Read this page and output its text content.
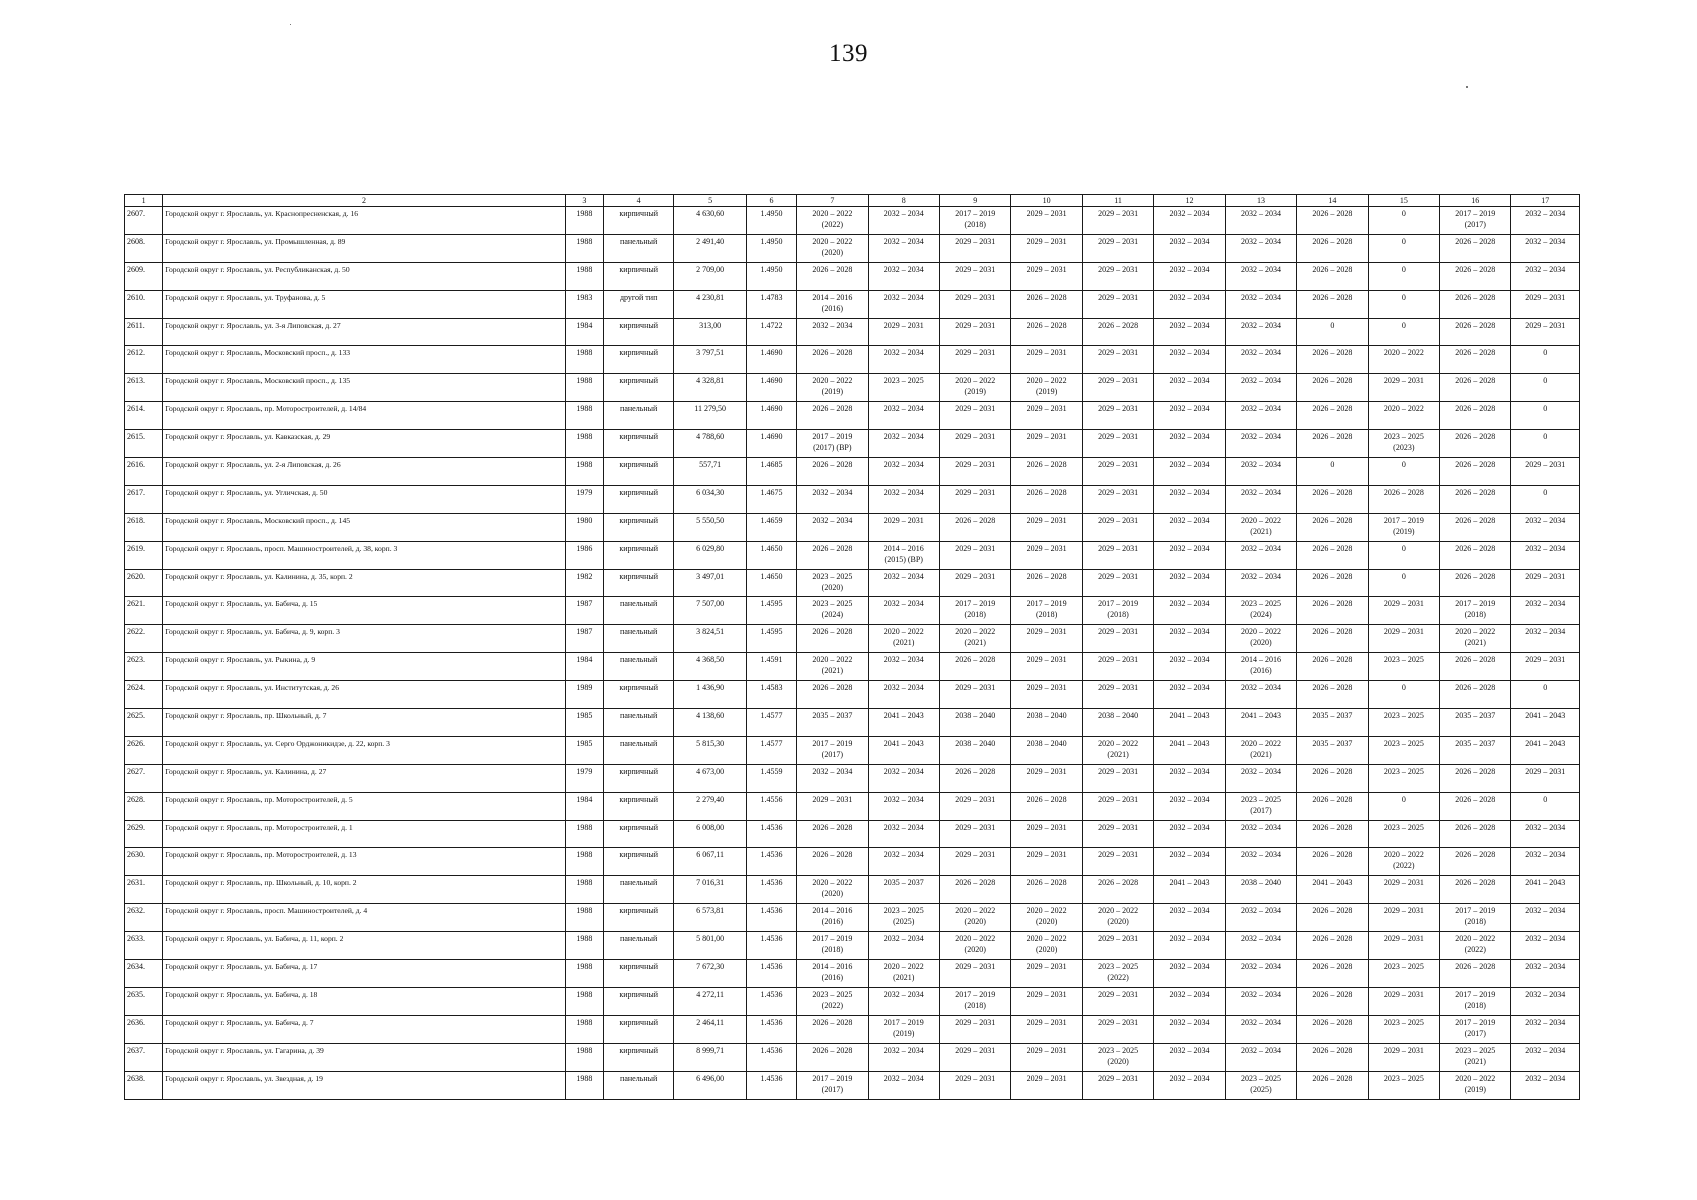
139
1	2	3	4	5	6	7	8	9	10	11	12	13	14	15	16	17
2607.	Городской округ г. Ярославль, ул. Краснопресненская, д. 16	1988	кирпичный	4 630,60	1.4950	2020 – 2022
(2022)	2032 – 2034	2017 – 2019
(2018)	2029 – 2031	2029 – 2031	2032 – 2034	2032 – 2034	2026 – 2028	0	2017 – 2019
(2017)	2032 – 2034
2608.	Городской округ г. Ярославль, ул. Промышленная, д. 89	1988	панельный	2 491,40	1.4950	2020 – 2022
(2020)	2032 – 2034	2029 – 2031	2029 – 2031	2029 – 2031	2032 – 2034	2032 – 2034	2026 – 2028	0	2026 – 2028	2032 – 2034
2609.	Городской округ г. Ярославль, ул. Республиканская, д. 50	1988	кирпичный	2 709,00	1.4950	2026 – 2028	2032 – 2034	2029 – 2031	2029 – 2031	2029 – 2031	2032 – 2034	2032 – 2034	2026 – 2028	0	2026 – 2028	2032 – 2034
2610.	Городской округ г. Ярославль, ул. Труфанова, д. 5	1983	другой тип	4 230,81	1.4783	2014 – 2016
(2016)	2032 – 2034	2029 – 2031	2026 – 2028	2029 – 2031	2032 – 2034	2032 – 2034	2026 – 2028	0	2026 – 2028	2029 – 2031
2611.	Городской округ г. Ярославль, ул. 3-я Липовская, д. 27	1984	кирпичный	313,00	1.4722	2032 – 2034	2029 – 2031	2029 – 2031	2026 – 2028	2026 – 2028	2032 – 2034	2032 – 2034	0	0	2026 – 2028	2029 – 2031
2612.	Городской округ г. Ярославль, Московский просп., д. 133	1988	кирпичный	3 797,51	1.4690	2026 – 2028	2032 – 2034	2029 – 2031	2029 – 2031	2029 – 2031	2032 – 2034	2032 – 2034	2026 – 2028	2020 – 2022	2026 – 2028	0
2613.	Городской округ г. Ярославль, Московский просп., д. 135	1988	кирпичный	4 328,81	1.4690	2020 – 2022
(2019)	2023 – 2025	2020 – 2022
(2019)	2020 – 2022
(2019)	2029 – 2031	2032 – 2034	2032 – 2034	2026 – 2028	2029 – 2031	2026 – 2028	0
2614.	Городской округ г. Ярославль, пр. Моторостроителей, д. 14/84	1988	панельный	11 279,50	1.4690	2026 – 2028	2032 – 2034	2029 – 2031	2029 – 2031	2029 – 2031	2032 – 2034	2032 – 2034	2026 – 2028	2020 – 2022	2026 – 2028	0
2615.	Городской округ г. Ярославль, ул. Кавказская, д. 29	1988	кирпичный	4 788,60	1.4690	2017 – 2019
(2017) (ВР)	2032 – 2034	2029 – 2031	2029 – 2031	2029 – 2031	2032 – 2034	2032 – 2034	2026 – 2028	2023 – 2025
(2023)	2026 – 2028	0
2616.	Городской округ г. Ярославль, ул. 2-я Липовская, д. 26	1988	кирпичный	557,71	1.4685	2026 – 2028	2032 – 2034	2029 – 2031	2026 – 2028	2029 – 2031	2032 – 2034	2032 – 2034	0	0	2026 – 2028	2029 – 2031
2617.	Городской округ г. Ярославль, ул. Угличская, д. 50	1979	кирпичный	6 034,30	1.4675	2032 – 2034	2032 – 2034	2029 – 2031	2026 – 2028	2029 – 2031	2032 – 2034	2032 – 2034	2026 – 2028	2026 – 2028	2026 – 2028	0
2618.	Городской округ г. Ярославль, Московский просп., д. 145	1980	кирпичный	5 550,50	1.4659	2032 – 2034	2029 – 2031	2026 – 2028	2029 – 2031	2029 – 2031	2032 – 2034	2020 – 2022
(2021)	2026 – 2028	2017 – 2019
(2019)	2026 – 2028	2032 – 2034
2619.	Городской округ г. Ярославль, просп. Машиностроителей, д. 38, корп. 3	1986	кирпичный	6 029,80	1.4650	2026 – 2028	2014 – 2016
(2015) (ВР)	2029 – 2031	2029 – 2031	2029 – 2031	2032 – 2034	2032 – 2034	2026 – 2028	0	2026 – 2028	2032 – 2034
2620.	Городской округ г. Ярославль, ул. Калинина, д. 35, корп. 2	1982	кирпичный	3 497,01	1.4650	2023 – 2025
(2020)	2032 – 2034	2029 – 2031	2026 – 2028	2029 – 2031	2032 – 2034	2032 – 2034	2026 – 2028	0	2026 – 2028	2029 – 2031
2621.	Городской округ г. Ярославль, ул. Бабича, д. 15	1987	панельный	7 507,00	1.4595	2023 – 2025
(2024)	2032 – 2034	2017 – 2019
(2018)	2017 – 2019
(2018)	2017 – 2019
(2018)	2032 – 2034	2023 – 2025
(2024)	2026 – 2028	2029 – 2031	2017 – 2019
(2018)	2032 – 2034
2622.	Городской округ г. Ярославль, ул. Бабича, д. 9, корп. 3	1987	панельный	3 824,51	1.4595	2026 – 2028	2020 – 2022
(2021)	2020 – 2022
(2021)	2029 – 2031	2029 – 2031	2032 – 2034	2020 – 2022
(2020)	2026 – 2028	2029 – 2031	2020 – 2022
(2021)	2032 – 2034
2623.	Городской округ г. Ярославль, ул. Рыкина, д. 9	1984	панельный	4 368,50	1.4591	2020 – 2022
(2021)	2032 – 2034	2026 – 2028	2029 – 2031	2029 – 2031	2032 – 2034	2014 – 2016
(2016)	2026 – 2028	2023 – 2025	2026 – 2028	2029 – 2031
2624.	Городской округ г. Ярославль, ул. Институтская, д. 26	1989	кирпичный	1 436,90	1.4583	2026 – 2028	2032 – 2034	2029 – 2031	2029 – 2031	2029 – 2031	2032 – 2034	2032 – 2034	2026 – 2028	0	2026 – 2028	0
2625.	Городской округ г. Ярославль, пр. Школьный, д. 7	1985	панельный	4 138,60	1.4577	2035 – 2037	2041 – 2043	2038 – 2040	2038 – 2040	2038 – 2040	2041 – 2043	2041 – 2043	2035 – 2037	2023 – 2025	2035 – 2037	2041 – 2043
2626.	Городской округ г. Ярославль, ул. Серго Орджоникидзе, д. 22, корп. 3	1985	панельный	5 815,30	1.4577	2017 – 2019
(2017)	2041 – 2043	2038 – 2040	2038 – 2040	2020 – 2022
(2021)	2041 – 2043	2020 – 2022
(2021)	2035 – 2037	2023 – 2025	2035 – 2037	2041 – 2043
2627.	Городской округ г. Ярославль, ул. Калинина, д. 27	1979	кирпичный	4 673,00	1.4559	2032 – 2034	2032 – 2034	2026 – 2028	2029 – 2031	2029 – 2031	2032 – 2034	2032 – 2034	2026 – 2028	2023 – 2025	2026 – 2028	2029 – 2031
2628.	Городской округ г. Ярославль, пр. Моторостроителей, д. 5	1984	кирпичный	2 279,40	1.4556	2029 – 2031	2032 – 2034	2029 – 2031	2026 – 2028	2029 – 2031	2032 – 2034	2023 – 2025
(2017)	2026 – 2028	0	2026 – 2028	0
2629.	Городской округ г. Ярославль, пр. Моторостроителей, д. 1	1988	кирпичный	6 008,00	1.4536	2026 – 2028	2032 – 2034	2029 – 2031	2029 – 2031	2029 – 2031	2032 – 2034	2032 – 2034	2026 – 2028	2023 – 2025	2026 – 2028	2032 – 2034
2630.	Городской округ г. Ярославль, пр. Моторостроителей, д. 13	1988	кирпичный	6 067,11	1.4536	2026 – 2028	2032 – 2034	2029 – 2031	2029 – 2031	2029 – 2031	2032 – 2034	2032 – 2034	2026 – 2028	2020 – 2022
(2022)	2026 – 2028	2032 – 2034
2631.	Городской округ г. Ярославль, пр. Школьный, д. 10, корп. 2	1988	панельный	7 016,31	1.4536	2020 – 2022
(2020)	2035 – 2037	2026 – 2028	2026 – 2028	2026 – 2028	2041 – 2043	2038 – 2040	2041 – 2043	2029 – 2031	2026 – 2028	2041 – 2043
2632.	Городской округ г. Ярославль, просп. Машиностроителей, д. 4	1988	кирпичный	6 573,81	1.4536	2014 – 2016
(2016)	2023 – 2025
(2025)	2020 – 2022
(2020)	2020 – 2022
(2020)	2020 – 2022
(2020)	2032 – 2034	2032 – 2034	2026 – 2028	2029 – 2031	2017 – 2019
(2018)	2032 – 2034
2633.	Городской округ г. Ярославль, ул. Бабича, д. 11, корп. 2	1988	панельный	5 801,00	1.4536	2017 – 2019
(2018)	2032 – 2034	2020 – 2022
(2020)	2020 – 2022
(2020)	2029 – 2031	2032 – 2034	2032 – 2034	2026 – 2028	2029 – 2031	2020 – 2022
(2022)	2032 – 2034
2634.	Городской округ г. Ярославль, ул. Бабича, д. 17	1988	кирпичный	7 672,30	1.4536	2014 – 2016
(2016)	2020 – 2022
(2021)	2029 – 2031	2029 – 2031	2023 – 2025
(2022)	2032 – 2034	2032 – 2034	2026 – 2028	2023 – 2025	2026 – 2028	2032 – 2034
2635.	Городской округ г. Ярославль, ул. Бабича, д. 18	1988	кирпичный	4 272,11	1.4536	2023 – 2025
(2022)	2032 – 2034	2017 – 2019
(2018)	2029 – 2031	2029 – 2031	2032 – 2034	2032 – 2034	2026 – 2028	2029 – 2031	2017 – 2019
(2018)	2032 – 2034
2636.	Городской округ г. Ярославль, ул. Бабича, д. 7	1988	кирпичный	2 464,11	1.4536	2026 – 2028	2017 – 2019
(2019)	2029 – 2031	2029 – 2031	2029 – 2031	2032 – 2034	2032 – 2034	2026 – 2028	2023 – 2025	2017 – 2019
(2017)	2032 – 2034
2637.	Городской округ г. Ярославль, ул. Гагарина, д. 39	1988	кирпичный	8 999,71	1.4536	2026 – 2028	2032 – 2034	2029 – 2031	2029 – 2031	2023 – 2025
(2020)	2032 – 2034	2032 – 2034	2026 – 2028	2029 – 2031	2023 – 2025
(2021)	2032 – 2034
2638.	Городской округ г. Ярославль, ул. Звездная, д. 19	1988	панельный	6 496,00	1.4536	2017 – 2019
(2017)	2032 – 2034	2029 – 2031	2029 – 2031	2029 – 2031	2032 – 2034	2023 – 2025
(2025)	2026 – 2028	2023 – 2025	2020 – 2022
(2019)	2032 – 2034
